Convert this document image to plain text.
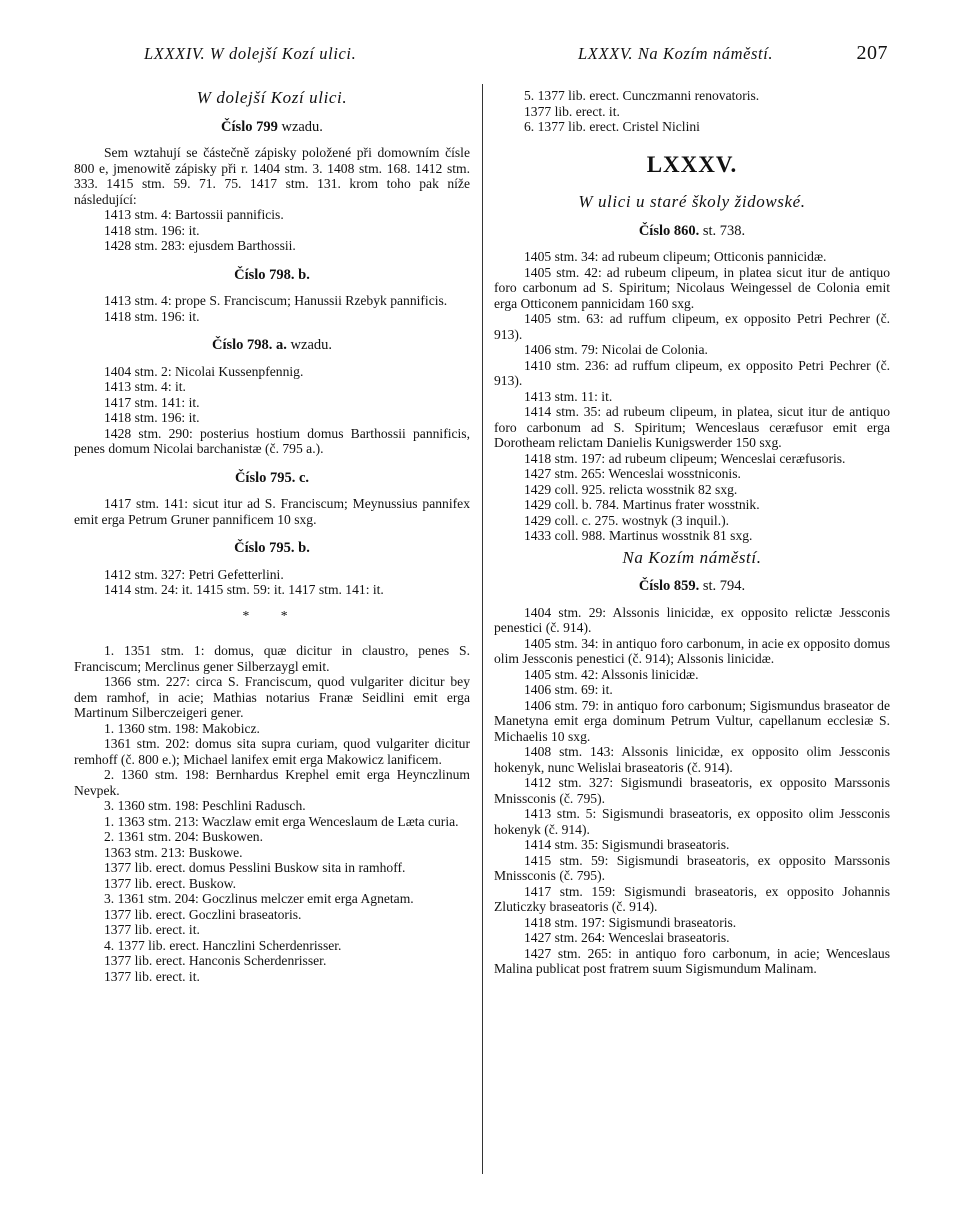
LXXXIV. W dolejší Kozí ulici.	LXXXV. Na Kozím náměstí.	207
W dolejší Kozí ulici.
Číslo 799 wzadu.

Sem wztahují se částečně zápisky položené při domowním čísle 800 e, jmenowitě zápisky při r. 1404 stm. 3. 1408 stm. 168. 1412 stm. 333. 1415 stm. 59. 71. 75. 1417 stm. 131. krom toho pak níže následující:

1413 stm. 4: Bartossii pannificis.

1418 stm. 196: it.

1428 stm. 283: ejusdem Barthossii.

Číslo 798. b.

1413 stm. 4: prope S. Franciscum; Hanussii Rzebyk pannificis.

1418 stm. 196: it.

Číslo 798. a. wzadu.

1404 stm. 2: Nicolai Kussenpfennig.

1413 stm. 4: it.

1417 stm. 141: it.

1418 stm. 196: it.

1428 stm. 290: posterius hostium domus Barthossii pannificis, penes domum Nicolai barchanistæ (č. 795 a.).

Číslo 795. c.

1417 stm. 141: sicut itur ad S. Franciscum; Meynussius pannifex emit erga Petrum Gruner pannificem 10 sxg.

Číslo 795. b.

1412 stm. 327: Petri Gefetterlini.

1414 stm. 24: it. 1415 stm. 59: it. 1417 stm. 141: it.

* *

1. 1351 stm. 1: domus, quæ dicitur in claustro, penes S. Franciscum; Merclinus gener Silberzaygl emit.

1366 stm. 227: circa S. Franciscum, quod vulgariter dicitur bey dem ramhof, in acie; Mathias notarius Franæ Seidlini emit erga Martinum Silberczeigeri gener.

1. 1360 stm. 198: Makobicz.

1361 stm. 202: domus sita supra curiam, quod vulgariter dicitur remhoff (č. 800 e.); Michael lanifex emit erga Makowicz lanificem.

2. 1360 stm. 198: Bernhardus Krephel emit erga Heynczlinum Nevpek.

3. 1360 stm. 198: Peschlini Radusch.

1. 1363 stm. 213: Waczlaw emit erga Wenceslaum de Læta curia.

2. 1361 stm. 204: Buskowen.

1363 stm. 213: Buskowe.

1377 lib. erect. domus Pesslini Buskow sita in ramhoff.

1377 lib. erect. Buskow.

3. 1361 stm. 204: Goczlinus melczer emit erga Agnetam.

1377 lib. erect. Goczlini braseatoris.

1377 lib. erect. it.

4. 1377 lib. erect. Hanczlini Scherdenrisser.

1377 lib. erect. Hanconis Scherdenrisser.

1377 lib. erect. it.

5. 1377 lib. erect. Cunczmanni renovatoris.

1377 lib. erect. it.

6. 1377 lib. erect. Cristel Niclini

LXXXV.
W ulici u staré školy židowské.
Číslo 860. st. 738.

1405 stm. 34: ad rubeum clipeum; Otticonis pannicidæ.

1405 stm. 42: ad rubeum clipeum, in platea sicut itur de antiquo foro carbonum ad S. Spiritum; Nicolaus Weingessel de Colonia emit erga Otticonem pannicidam 160 sxg.

1405 stm. 63: ad ruffum clipeum, ex opposito Petri Pechrer (č. 913).

1406 stm. 79: Nicolai de Colonia.

1410 stm. 236: ad ruffum clipeum, ex opposito Petri Pechrer (č. 913).

1413 stm. 11: it.

1414 stm. 35: ad rubeum clipeum, in platea, sicut itur de antiquo foro carbonum ad S. Spiritum; Wenceslaus ceræfusor emit erga Dorotheam relictam Danielis Kunigswerder 150 sxg.

1418 stm. 197: ad rubeum clipeum; Wenceslai ceræfusoris.

1427 stm. 265: Wenceslai wosstniconis.

1429 coll. 925. relicta wosstnik 82 sxg.

1429 coll. b. 784. Martinus frater wosstnik.

1429 coll. c. 275. wostnyk (3 inquil.).

1433 coll. 988. Martinus wosstnik 81 sxg.

Na Kozím náměstí.
Číslo 859. st. 794.

1404 stm. 29: Alssonis linicidæ, ex opposito relictæ Jessconis penestici (č. 914).

1405 stm. 34: in antiquo foro carbonum, in acie ex opposito domus olim Jessconis penestici (č. 914); Alssonis linicidæ.

1405 stm. 42: Alssonis linicidæ.

1406 stm. 69: it.

1406 stm. 79: in antiquo foro carbonum; Sigismundus braseator de Manetyna emit erga dominum Petrum Vultur, capellanum ecclesiæ S. Michaelis 10 sxg.

1408 stm. 143: Alssonis linicidæ, ex opposito olim Jessconis hokenyk, nunc Welislai braseatoris (č. 914).

1412 stm. 327: Sigismundi braseatoris, ex opposito Marssonis Mnissconis (č. 795).

1413 stm. 5: Sigismundi braseatoris, ex opposito olim Jessconis hokenyk (č. 914).

1414 stm. 35: Sigismundi braseatoris.

1415 stm. 59: Sigismundi braseatoris, ex opposito Marssonis Mnissconis (č. 795).

1417 stm. 159: Sigismundi braseatoris, ex opposito Johannis Zluticzky braseatoris (č. 914).

1418 stm. 197: Sigismundi braseatoris.

1427 stm. 264: Wenceslai braseatoris.

1427 stm. 265: in antiquo foro carbonum, in acie; Wenceslaus Malina publicat post fratrem suum Sigismundum Malinam.
